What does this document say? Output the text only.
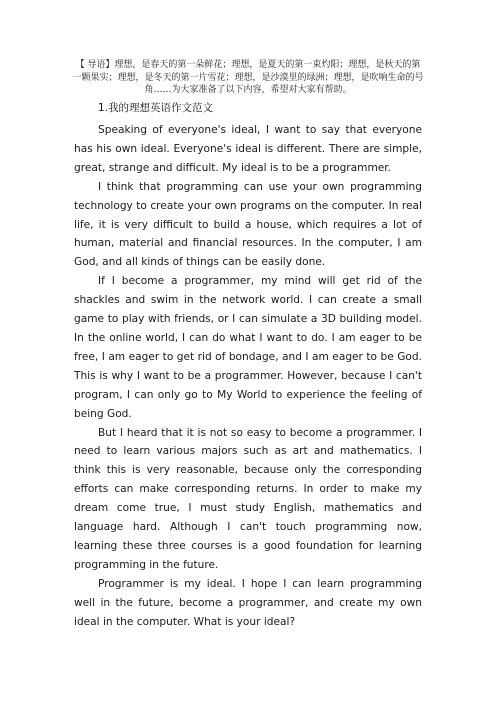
【 导语】理想，是春天的第一朵鲜花；理想，是夏天的第一束灼阳；理想，是秋天的第一颗果实；理想，是冬天的第一片雪花；理想，是沙漠里的绿洲；理想，是吹响生命的号角……为大家准备了以下内容，希望对大家有帮助。
1.我的理想英语作文范文

Speaking of everyone's ideal, I want to say that everyone has his own ideal. Everyone's ideal is different. There are simple, great, strange and difficult. My ideal is to be a programmer.

I think that programming can use your own programming technology to create your own programs on the computer. In real life, it is very difficult to build a house, which requires a lot of human, material and financial resources. In the computer, I am God, and all kinds of things can be easily done.

If I become a programmer, my mind will get rid of the shackles and swim in the network world. I can create a small game to play with friends, or I can simulate a 3D building model. In the online world, I can do what I want to do. I am eager to be free, I am eager to get rid of bondage, and I am eager to be God. This is why I want to be a programmer. However, because I can't program, I can only go to My World to experience the feeling of being God.

But I heard that it is not so easy to become a programmer. I need to learn various majors such as art and mathematics. I think this is very reasonable, because only the corresponding efforts can make corresponding returns. In order to make my dream come true, I must study English, mathematics and language hard. Although I can't touch programming now, learning these three courses is a good foundation for learning programming in the future.

Programmer is my ideal. I hope I can learn programming well in the future, become a programmer, and create my own ideal in the computer. What is your ideal?
